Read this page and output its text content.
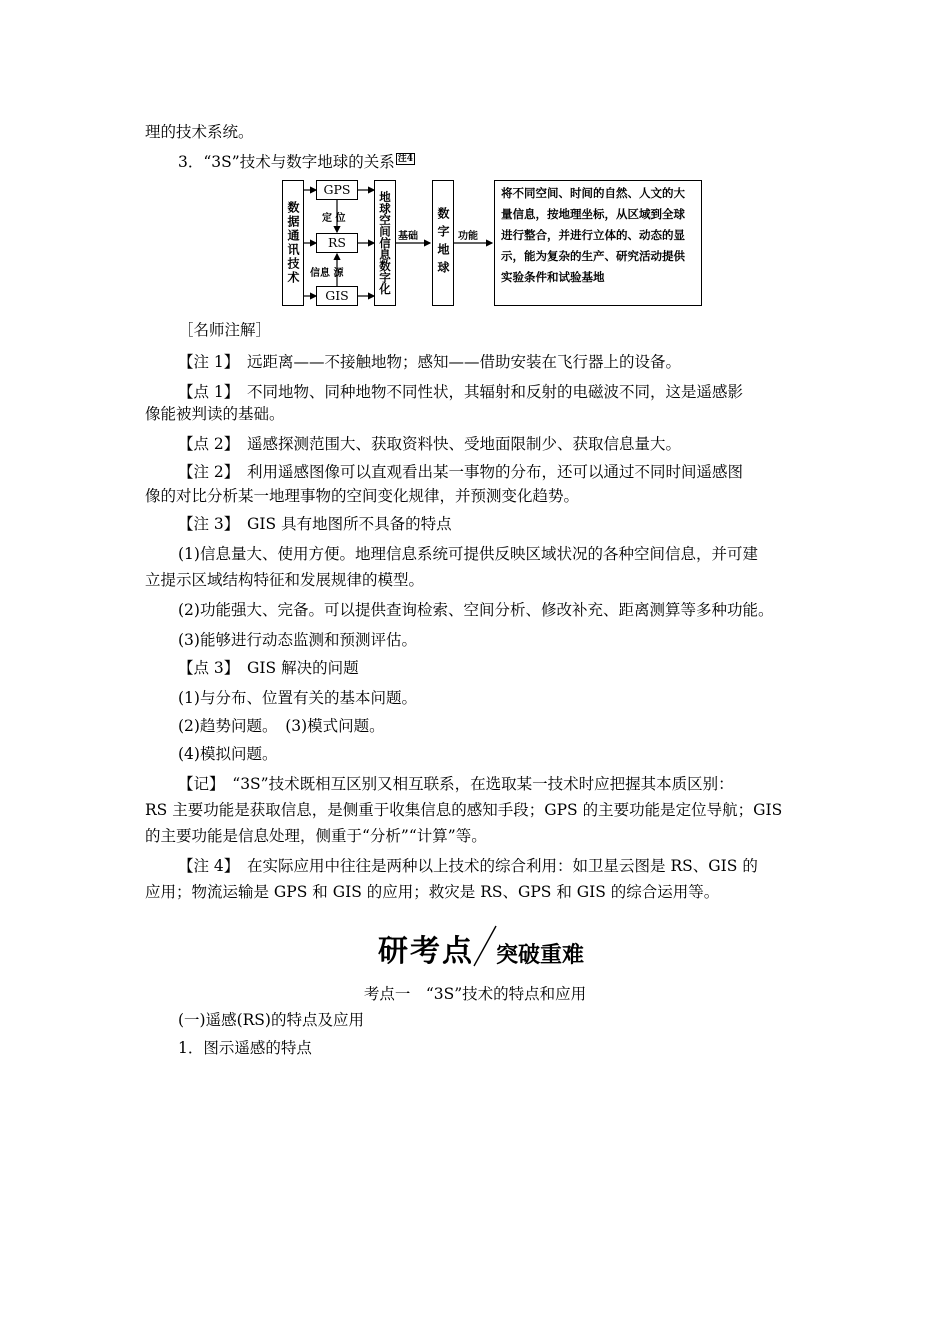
理的技术系统。
3．“3S”技术与数字地球的关系 注4
数据通讯技术
GPS
RS
GIS
定 位
信息 源	地球空间信息数字化 基础 数字地球 功能
将不同空间、时间的自然、人文的大量信息，按地理坐标，从区域到全球进行整合，并进行立体的、动态的显示，能为复杂的生产、研究活动提供实验条件和试验基地
［名师注解］
【注 1】　远距离——不接触地物；感知——借助安装在飞行器上的设备。
【点 1】　不同地物、同种地物不同性状，其辐射和反射的电磁波不同，这是遥感影
像能被判读的基础。
【点 2】　遥感探测范围大、获取资料快、受地面限制少、获取信息量大。
【注 2】　利用遥感图像可以直观看出某一事物的分布，还可以通过不同时间遥感图
像的对比分析某一地理事物的空间变化规律，并预测变化趋势。
【注 3】　GIS 具有地图所不具备的特点
(1)信息量大、使用方便。地理信息系统可提供反映区域状况的各种空间信息，并可建
立提示区域结构特征和发展规律的模型。
(2)功能强大、完备。可以提供查询检索、空间分析、修改补充、距离测算等多种功能。
(3)能够进行动态监测和预测评估。
【点 3】　GIS 解决的问题
(1)与分布、位置有关的基本问题。
(2)趋势问题。　(3)模式问题。
(4)模拟问题。
【记】　“3S”技术既相互区别又相互联系，在选取某一技术时应把握其本质区别：
RS 主要功能是获取信息，是侧重于收集信息的感知手段；GPS 的主要功能是定位导航；GIS
的主要功能是信息处理，侧重于“分析”“计算”等。
【注 4】　在实际应用中往往是两种以上技术的综合利用：如卫星云图是 RS、GIS 的
应用；物流运输是 GPS 和 GIS 的应用；救灾是 RS、GPS 和 GIS 的综合运用等。
研考点 突破重难
考点一　“3S”技术的特点和应用
(一)遥感(RS)的特点及应用
1．图示遥感的特点
